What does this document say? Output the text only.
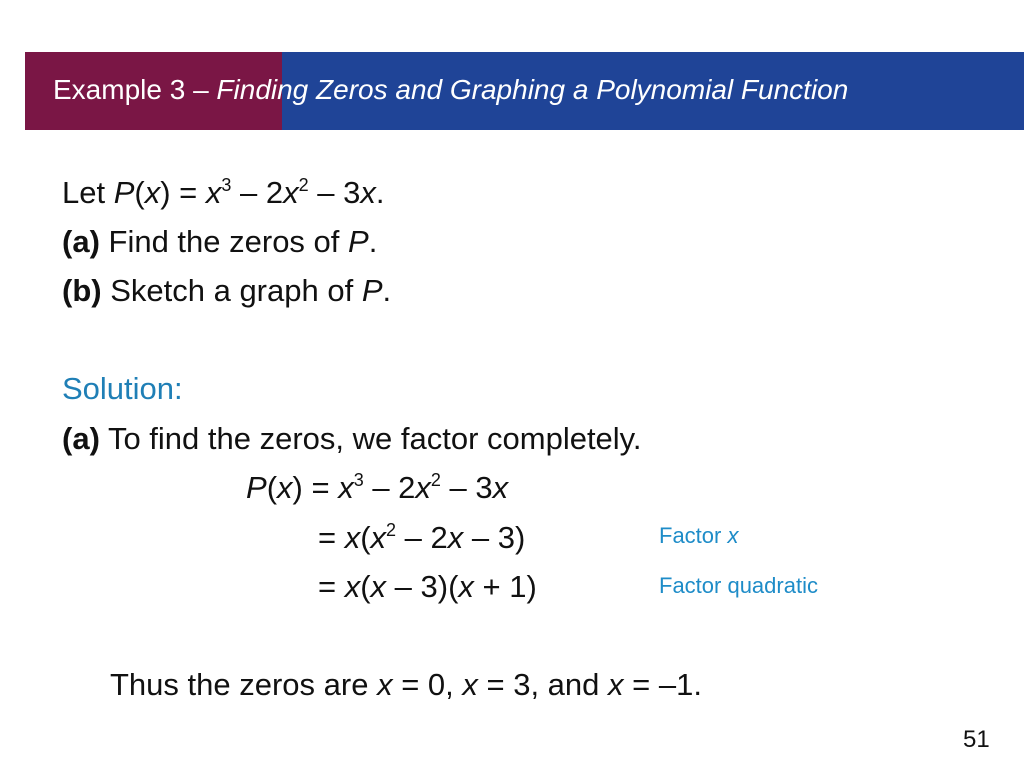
Example 3 – Finding Zeros and Graphing a Polynomial Function
Let $P(x) = x^3 - 2x^2 - 3x$.
(a) Find the zeros of P.
(b) Sketch a graph of P.
Solution:
(a) To find the zeros, we factor completely.
$P(x) = x^3 - 2x^2 - 3x$
= $x(x^2 - 2x - 3)$
= x(x – 3)(x + 1)
Factor x
Factor quadratic
Thus the zeros are x = 0, x = 3, and x = –1.
51
